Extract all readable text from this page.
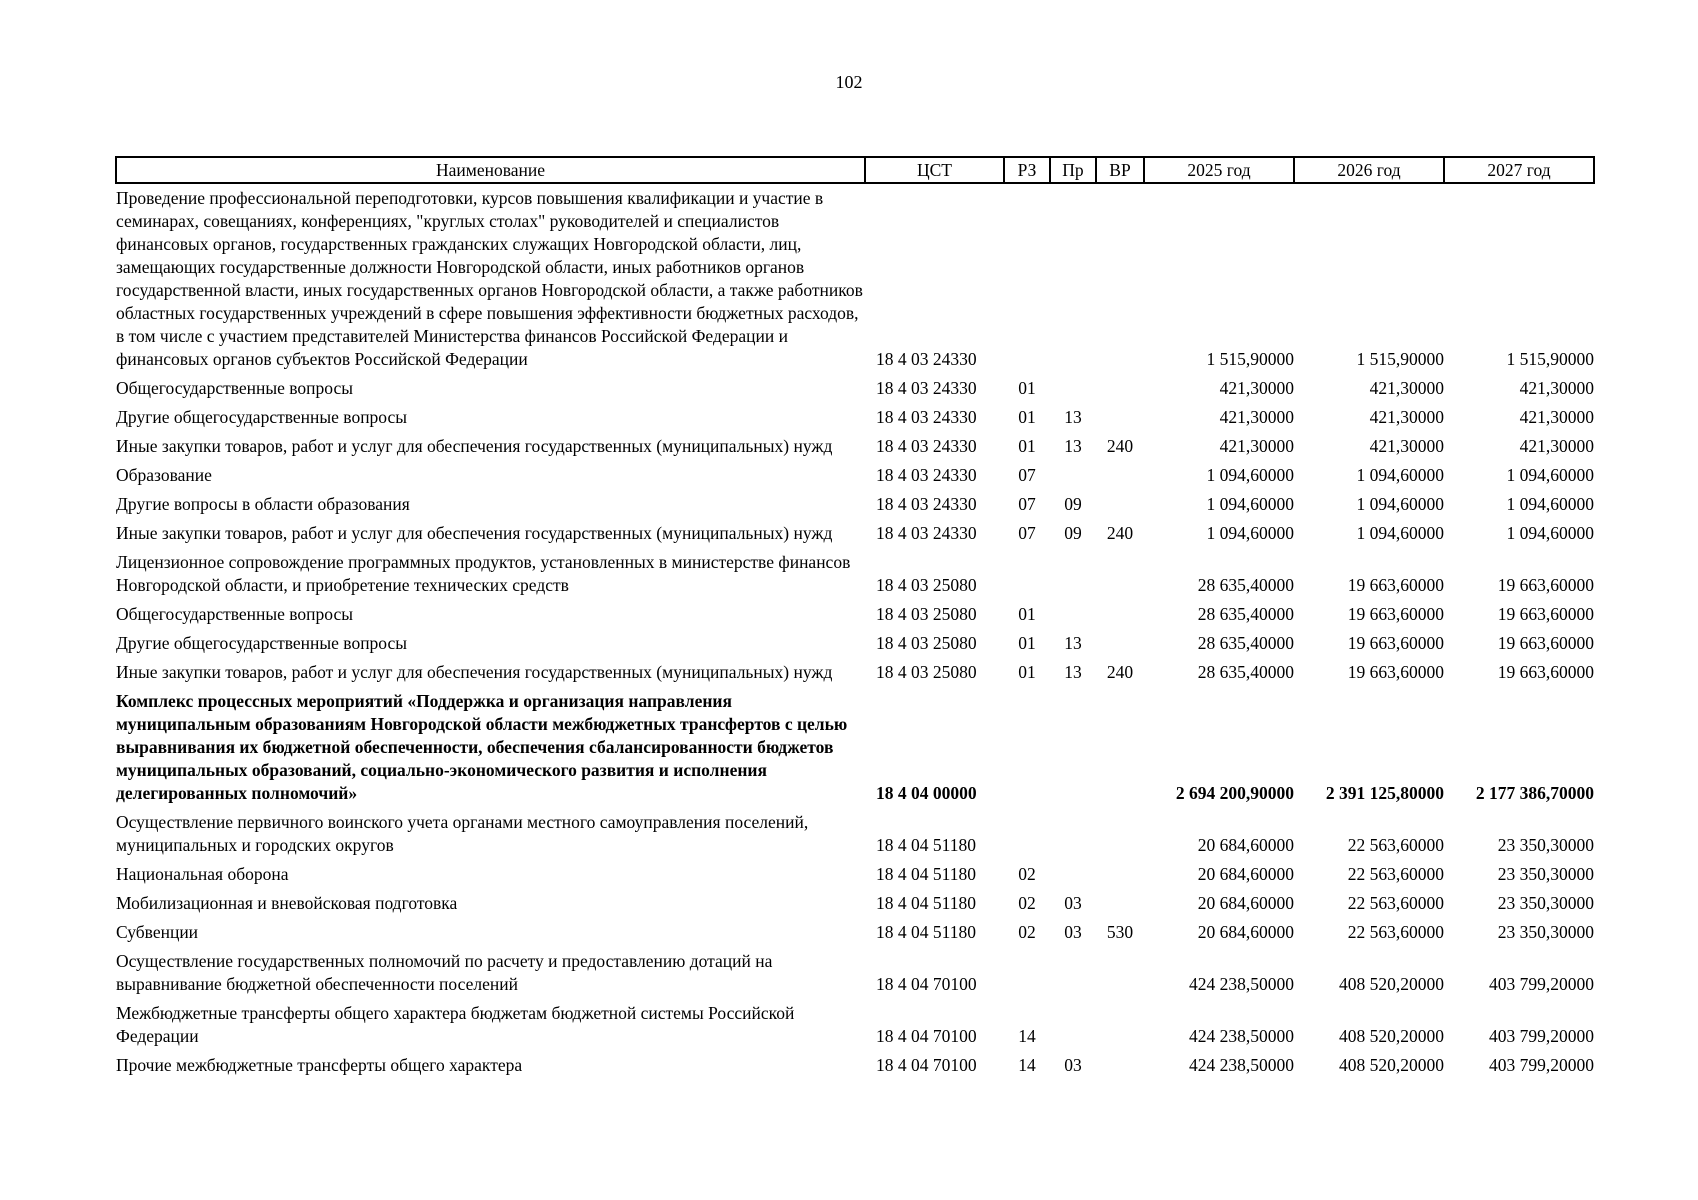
102
Наименование	ЦСТ	РЗ	Пр	ВР	2025 год	2026 год	2027 год
Проведение профессиональной переподготовки, курсов повышения квалификации и участие в семинарах, совещаниях, конференциях, "круглых столах" руководителей и специалистов финансовых органов, государственных гражданских служащих Новгородской области, лиц, замещающих государственные должности Новгородской области, иных работников органов государственной власти, иных государственных органов Новгородской области, а также работников областных государственных учреждений в сфере повышения эффективности бюджетных расходов, в том числе с участием представителей Министерства финансов Российской Федерации и финансовых органов субъектов Российской Федерации	18 4 03 24330				1 515,90000	1 515,90000	1 515,90000
Общегосударственные вопросы	18 4 03 24330	01			421,30000	421,30000	421,30000
Другие общегосударственные вопросы	18 4 03 24330	01	13		421,30000	421,30000	421,30000
Иные закупки товаров, работ и услуг для обеспечения государственных (муниципальных) нужд	18 4 03 24330	01	13	240	421,30000	421,30000	421,30000
Образование	18 4 03 24330	07			1 094,60000	1 094,60000	1 094,60000
Другие вопросы в области образования	18 4 03 24330	07	09		1 094,60000	1 094,60000	1 094,60000
Иные закупки товаров, работ и услуг для обеспечения государственных (муниципальных) нужд	18 4 03 24330	07	09	240	1 094,60000	1 094,60000	1 094,60000
Лицензионное сопровождение программных продуктов, установленных в министерстве финансов Новгородской области, и приобретение технических средств	18 4 03 25080				28 635,40000	19 663,60000	19 663,60000
Общегосударственные вопросы	18 4 03 25080	01			28 635,40000	19 663,60000	19 663,60000
Другие общегосударственные вопросы	18 4 03 25080	01	13		28 635,40000	19 663,60000	19 663,60000
Иные закупки товаров, работ и услуг для обеспечения государственных (муниципальных) нужд	18 4 03 25080	01	13	240	28 635,40000	19 663,60000	19 663,60000
Комплекс процессных мероприятий «Поддержка и организация направления муниципальным образованиям Новгородской области межбюджетных трансфертов с целью выравнивания их бюджетной обеспеченности, обеспечения сбалансированности бюджетов муниципальных образований, социально-экономического развития и исполнения делегированных полномочий»	18 4 04 00000				2 694 200,90000	2 391 125,80000	2 177 386,70000
Осуществление первичного воинского учета органами местного самоуправления поселений, муниципальных и городских округов	18 4 04 51180				20 684,60000	22 563,60000	23 350,30000
Национальная оборона	18 4 04 51180	02			20 684,60000	22 563,60000	23 350,30000
Мобилизационная и вневойсковая подготовка	18 4 04 51180	02	03		20 684,60000	22 563,60000	23 350,30000
Субвенции	18 4 04 51180	02	03	530	20 684,60000	22 563,60000	23 350,30000
Осуществление государственных полномочий по расчету и предоставлению дотаций на выравнивание бюджетной обеспеченности поселений	18 4 04 70100				424 238,50000	408 520,20000	403 799,20000
Межбюджетные трансферты общего характера бюджетам бюджетной системы Российской Федерации	18 4 04 70100	14			424 238,50000	408 520,20000	403 799,20000
Прочие межбюджетные трансферты общего характера	18 4 04 70100	14	03		424 238,50000	408 520,20000	403 799,20000
